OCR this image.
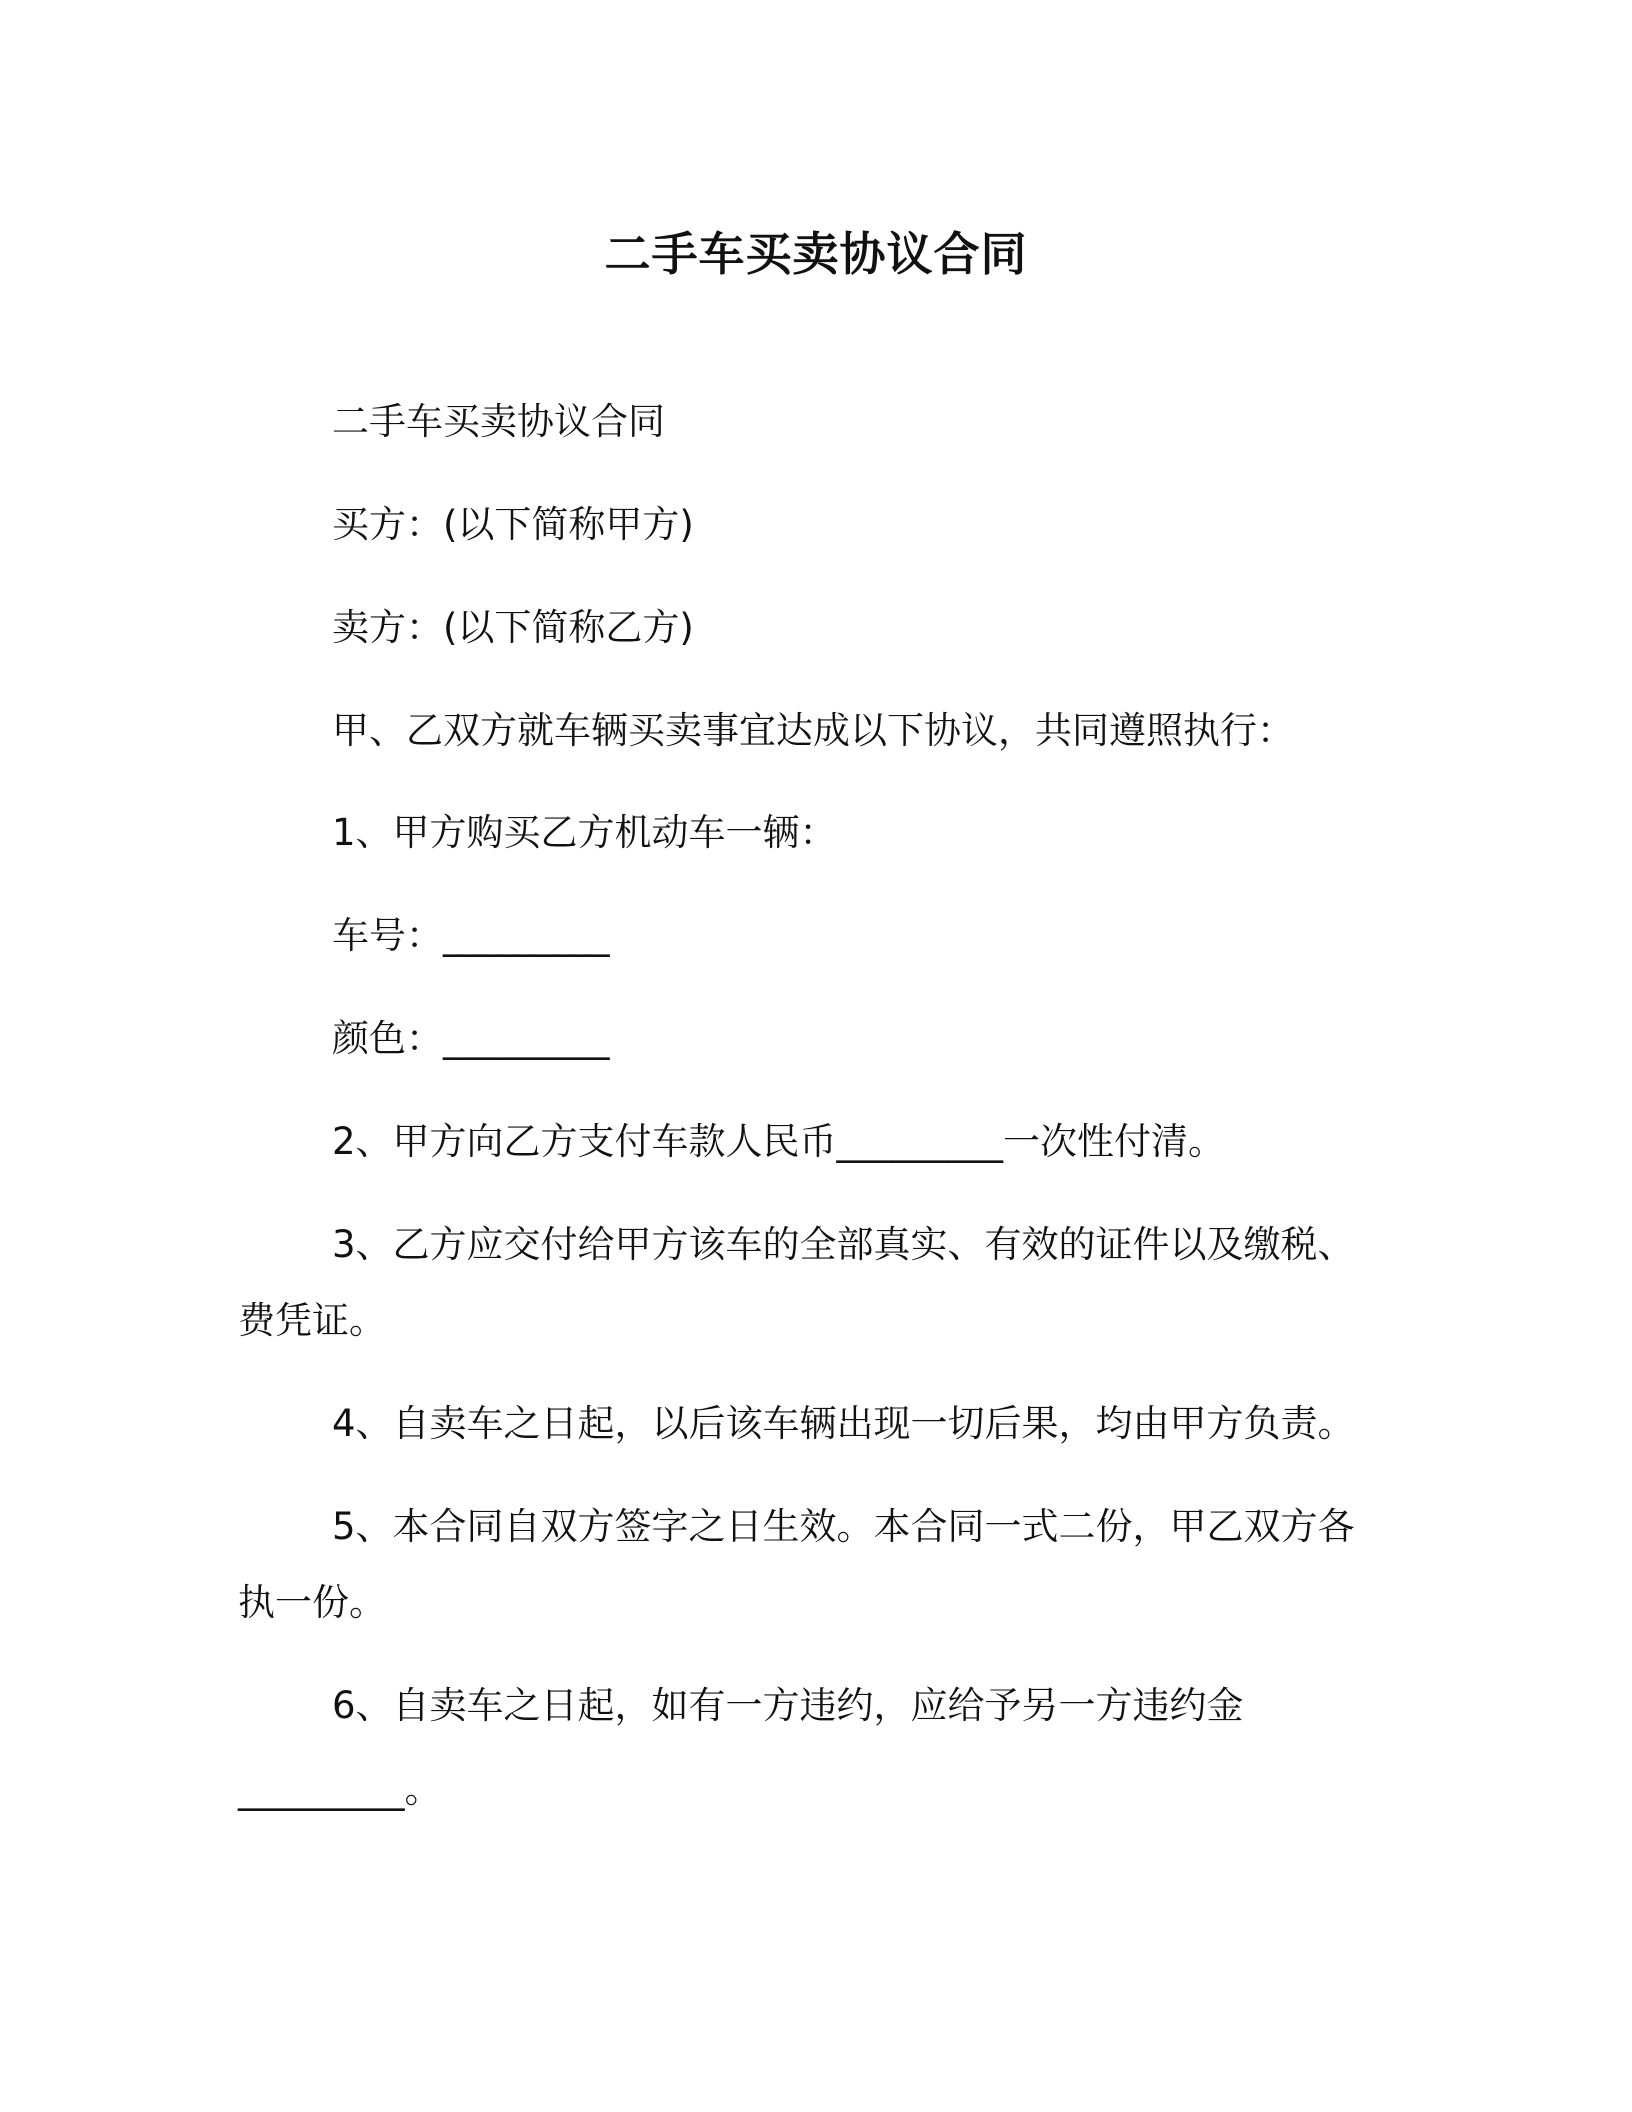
二手车买卖协议合同

二手车买卖协议合同

买方：(以下简称甲方)

卖方：(以下简称乙方)

甲、乙双方就车辆买卖事宜达成以下协议，共同遵照执行：

1、甲方购买乙方机动车一辆：

车号：_________

颜色：_________

2、甲方向乙方支付车款人民币_________一次性付清。

3、乙方应交付给甲方该车的全部真实、有效的证件以及缴税、

费凭证。

4、自卖车之日起，以后该车辆出现一切后果，均由甲方负责。

5、本合同自双方签字之日生效。本合同一式二份，甲乙双方各

执一份。

6、自卖车之日起，如有一方违约，应给予另一方违约金

_________。
